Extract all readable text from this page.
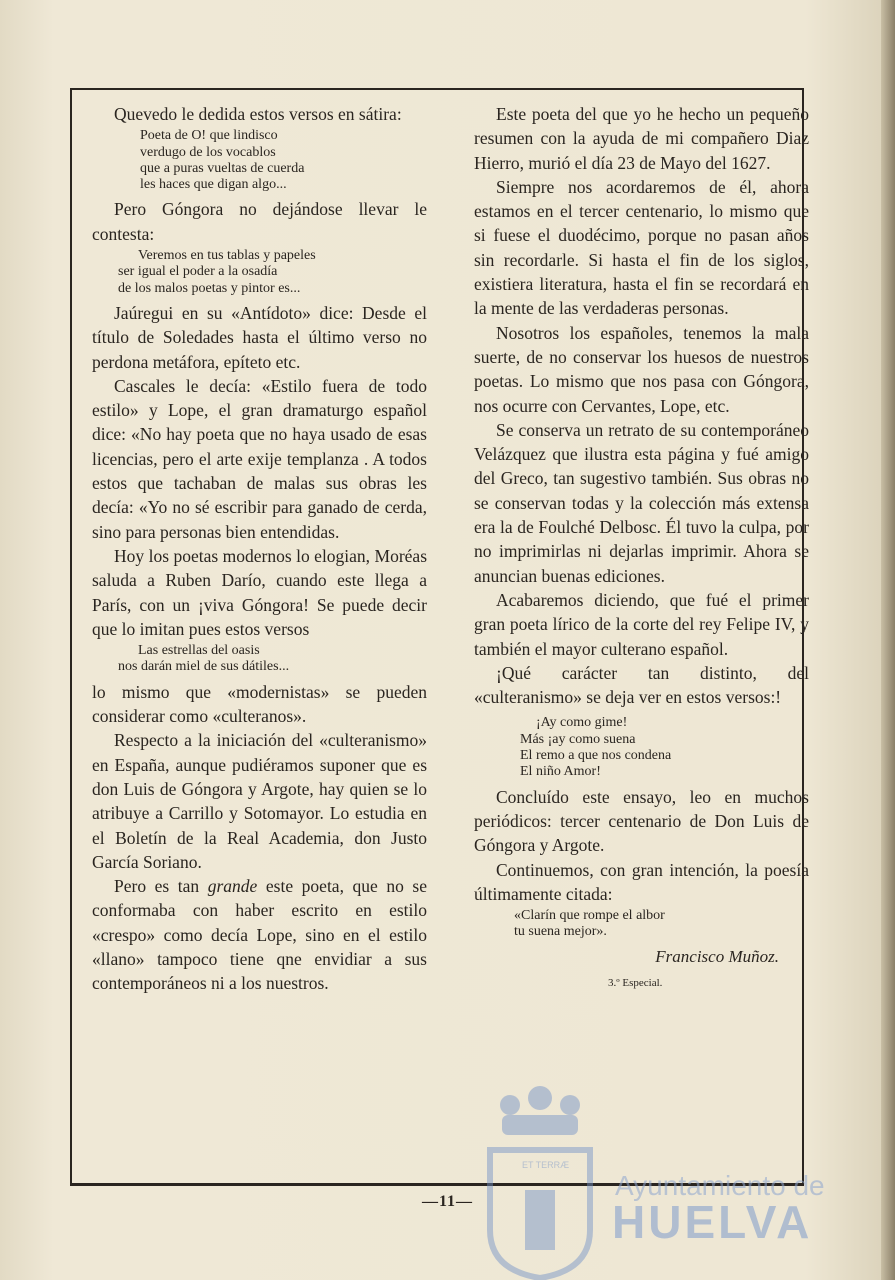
Quevedo le dedida estos versos en sátira:

Poeta de O! que lindisco
verdugo de los vocablos
que a puras vueltas de cuerda
les haces que digan algo...

Pero Góngora no dejándose llevar le contesta:

Veremos en tus tablas y papeles
ser igual el poder a la osadía
de los malos poetas y pintor es...

Jaúregui en su «Antídoto» dice: Desde el título de Soledades hasta el último verso no perdona metáfora, epíteto etc.

Cascales le decía: «Estilo fuera de todo estilo» y Lope, el gran dramaturgo español dice: «No hay poeta que no haya usado de esas licencias, pero el arte exije templanza . A todos estos que tachaban de malas sus obras les decía: «Yo no sé escribir para ganado de cerda, sino para personas bien entendidas.

Hoy los poetas modernos lo elogian, Moréas saluda a Ruben Darío, cuando este llega a París, con un ¡viva Góngora! Se puede decir que lo imitan pues estos versos

Las estrellas del oasis
nos darán miel de sus dátiles...

lo mismo que «modernistas» se pueden considerar como «culteranos».

Respecto a la iniciación del «culteranismo» en España, aunque pudiéramos suponer que es don Luis de Góngora y Argote, hay quien se lo atribuye a Carrillo y Sotomayor. Lo estudia en el Boletín de la Real Academia, don Justo García Soriano.

Pero es tan grande este poeta, que no se conformaba con haber escrito en estilo «crespo» como decía Lope, sino en el estilo «llano» tampoco tiene qne envidiar a sus contemporáneos ni a los nuestros.

Este poeta del que yo he hecho un pequeño resumen con la ayuda de mi compañero Diaz Hierro, murió el día 23 de Mayo del 1627.

Siempre nos acordaremos de él, ahora estamos en el tercer centenario, lo mismo que si fuese el duodécimo, porque no pasan años sin recordarle. Si hasta el fin de los siglos, existiera literatura, hasta el fin se recordará en la mente de las verdaderas personas.

Nosotros los españoles, tenemos la mala suerte, de no conservar los huesos de nuestros poetas. Lo mismo que nos pasa con Góngora, nos ocurre con Cervantes, Lope, etc.

Se conserva un retrato de su contemporáneo Velázquez que ilustra esta página y fué amigo del Greco, tan sugestivo también. Sus obras no se conservan todas y la colección más extensa era la de Foulché Delbosc. Él tuvo la culpa, por no imprimirlas ni dejarlas imprimir. Ahora se anuncian buenas ediciones.

Acabaremos diciendo, que fué el primer gran poeta lírico de la corte del rey Felipe IV, y también el mayor culterano español.

¡Qué carácter tan distinto, del «culteranismo» se deja ver en estos versos:!

¡Ay como gime!
Más ¡ay como suena
El remo a que nos condena
El niño Amor!

Concluído este ensayo, leo en muchos periódicos: tercer centenario de Don Luis de Góngora y Argote.

Continuemos, con gran intención, la poesía últimamente citada:

«Clarín que rompe el albor
tu suena mejor».
Francisco Muñoz.
3.º Especial.
—11—
ET TERRÆ
Ayuntamiento de
HUELVA
